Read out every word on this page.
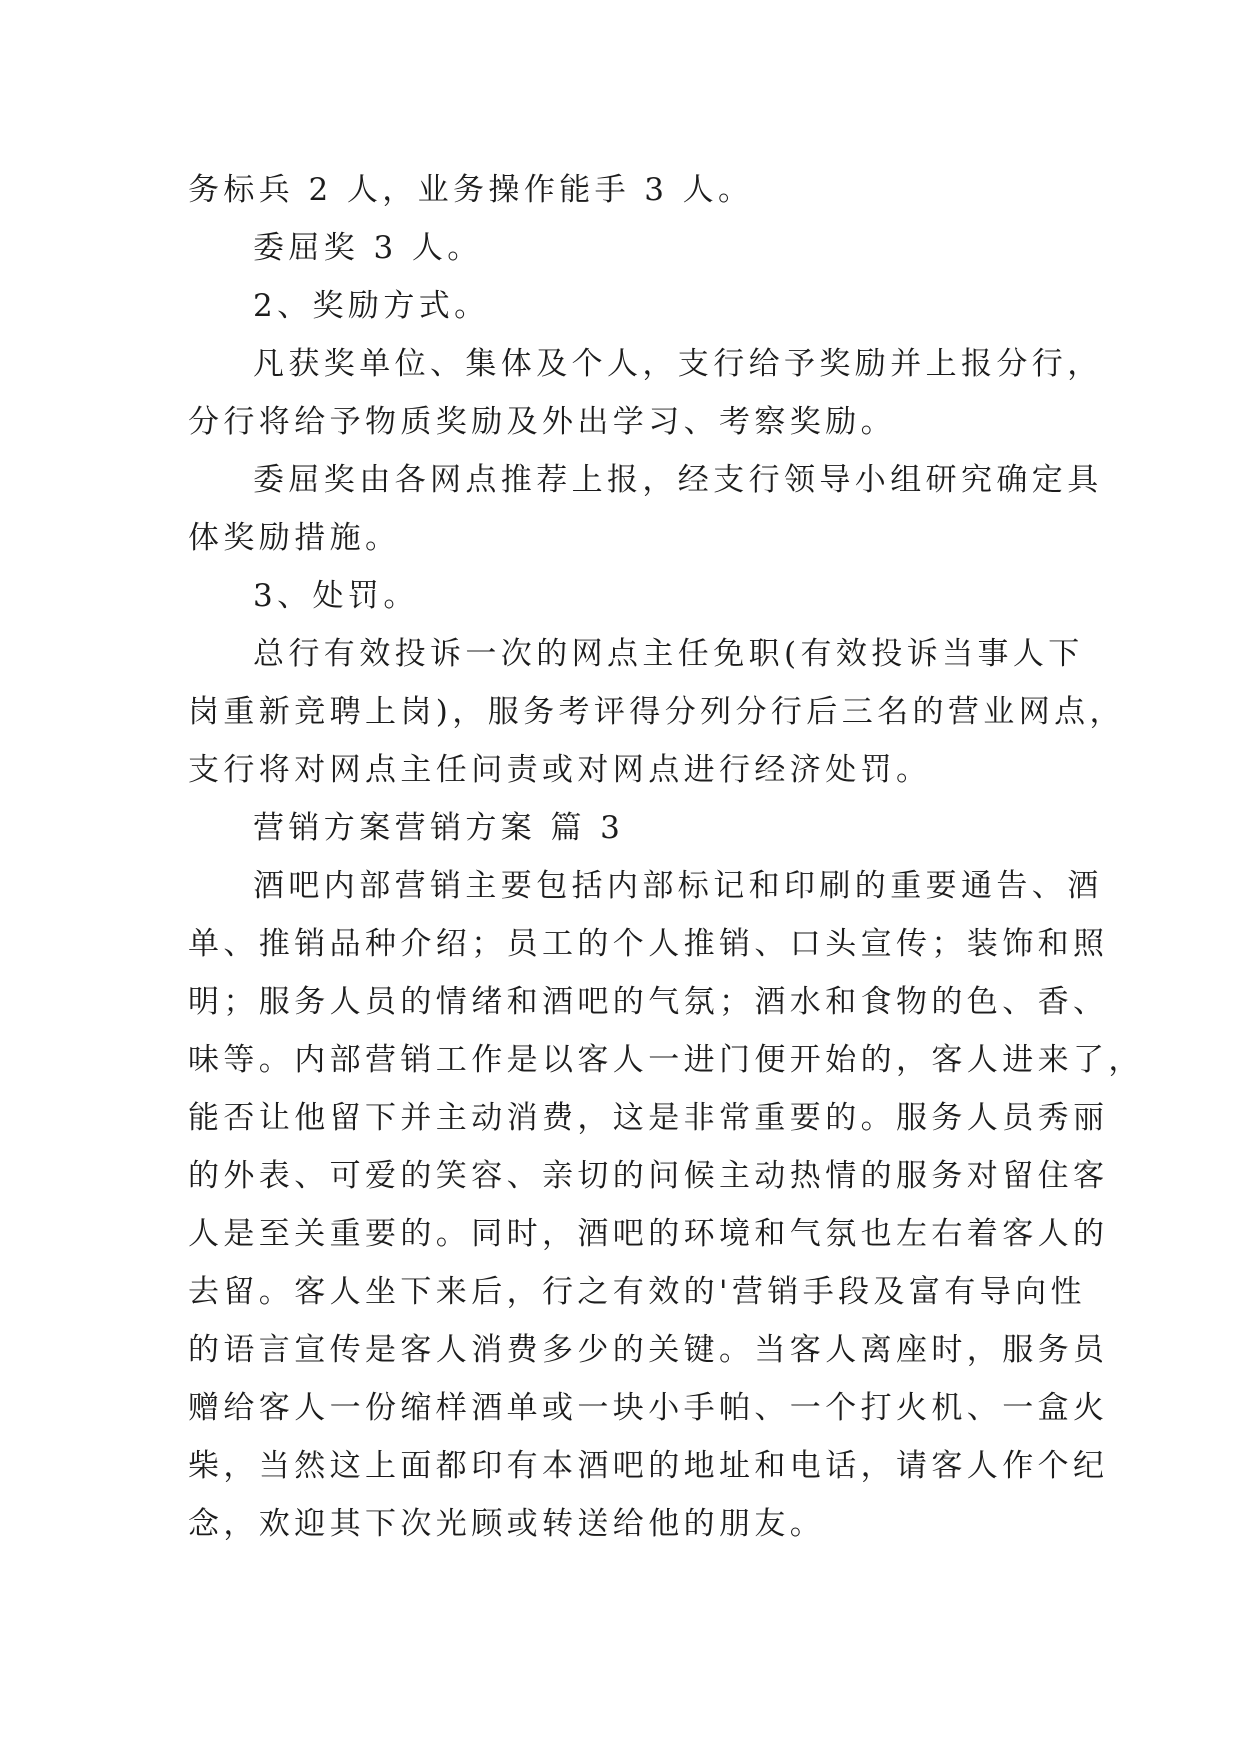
务标兵 2 人，业务操作能手 3 人。
委屈奖 3 人。
2、奖励方式。
凡获奖单位、集体及个人，支行给予奖励并上报分行，
分行将给予物质奖励及外出学习、考察奖励。
委屈奖由各网点推荐上报，经支行领导小组研究确定具
体奖励措施。
3、处罚。
总行有效投诉一次的网点主任免职(有效投诉当事人下
岗重新竞聘上岗)，服务考评得分列分行后三名的营业网点，
支行将对网点主任问责或对网点进行经济处罚。
营销方案营销方案 篇 3
酒吧内部营销主要包括内部标记和印刷的重要通告、酒
单、推销品种介绍；员工的个人推销、口头宣传；装饰和照
明；服务人员的情绪和酒吧的气氛；酒水和食物的色、香、
味等。内部营销工作是以客人一进门便开始的，客人进来了，
能否让他留下并主动消费，这是非常重要的。服务人员秀丽
的外表、可爱的笑容、亲切的问候主动热情的服务对留住客
人是至关重要的。同时，酒吧的环境和气氛也左右着客人的
去留。客人坐下来后，行之有效的'营销手段及富有导向性
的语言宣传是客人消费多少的关键。当客人离座时，服务员
赠给客人一份缩样酒单或一块小手帕、一个打火机、一盒火
柴，当然这上面都印有本酒吧的地址和电话，请客人作个纪
念，欢迎其下次光顾或转送给他的朋友。
